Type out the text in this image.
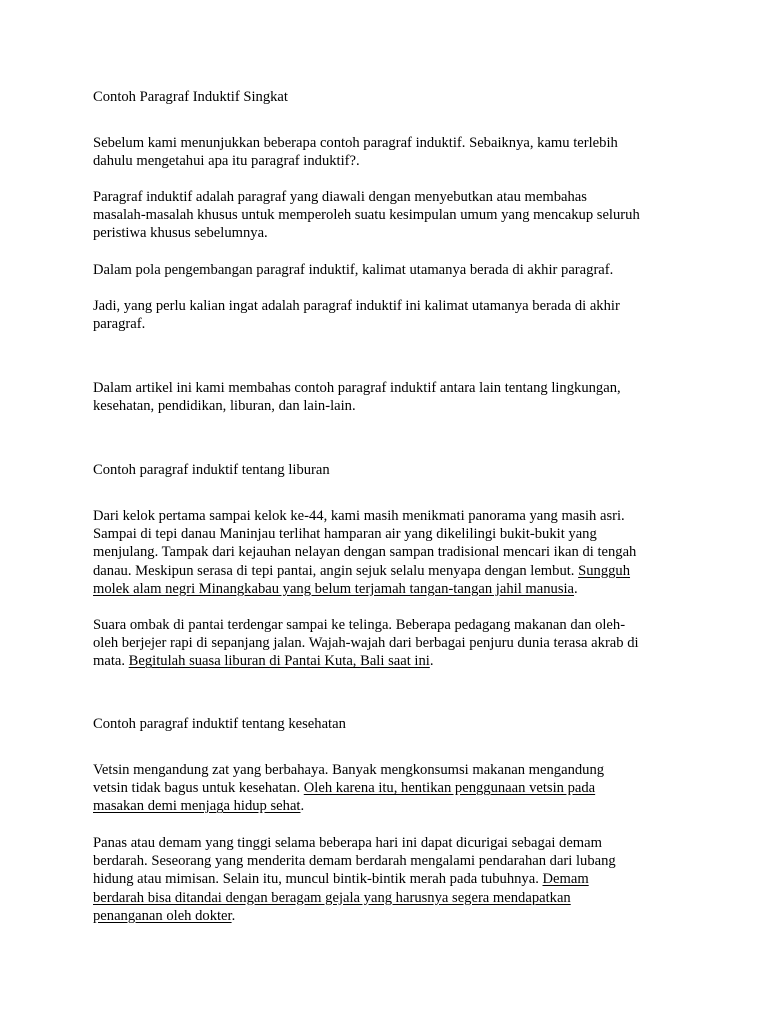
Contoh Paragraf Induktif Singkat

Sebelum kami menunjukkan beberapa contoh paragraf induktif. Sebaiknya, kamu terlebih
dahulu mengetahui apa itu paragraf induktif?.

Paragraf induktif adalah paragraf yang diawali dengan menyebutkan atau membahas
masalah-masalah khusus untuk memperoleh suatu kesimpulan umum yang mencakup seluruh
peristiwa khusus sebelumnya.

Dalam pola pengembangan paragraf induktif, kalimat utamanya berada di akhir paragraf.

Jadi, yang perlu kalian ingat adalah paragraf induktif ini kalimat utamanya berada di akhir
paragraf.

Dalam artikel ini kami membahas contoh paragraf induktif antara lain tentang lingkungan,
kesehatan, pendidikan, liburan, dan lain-lain.

Contoh paragraf induktif tentang liburan

Dari kelok pertama sampai kelok ke-44, kami masih menikmati panorama yang masih asri.
Sampai di tepi danau Maninjau terlihat hamparan air yang dikelilingi bukit-bukit yang
menjulang. Tampak dari kejauhan nelayan dengan sampan tradisional mencari ikan di tengah
danau. Meskipun serasa di tepi pantai, angin sejuk selalu menyapa dengan lembut. Sungguh
molek alam negri Minangkabau yang belum terjamah tangan-tangan jahil manusia.

Suara ombak di pantai terdengar sampai ke telinga. Beberapa pedagang makanan dan oleh-
oleh berjejer rapi di sepanjang jalan. Wajah-wajah dari berbagai penjuru dunia terasa akrab di
mata. Begitulah suasa liburan di Pantai Kuta, Bali saat ini.

Contoh paragraf induktif tentang kesehatan

Vetsin mengandung zat yang berbahaya. Banyak mengkonsumsi makanan mengandung
vetsin tidak bagus untuk kesehatan. Oleh karena itu, hentikan penggunaan vetsin pada
masakan demi menjaga hidup sehat.

Panas atau demam yang tinggi selama beberapa hari ini dapat dicurigai sebagai demam
berdarah. Seseorang yang menderita demam berdarah mengalami pendarahan dari lubang
hidung atau mimisan. Selain itu, muncul bintik-bintik merah pada tubuhnya. Demam
berdarah bisa ditandai dengan beragam gejala yang harusnya segera mendapatkan
penanganan oleh dokter.
